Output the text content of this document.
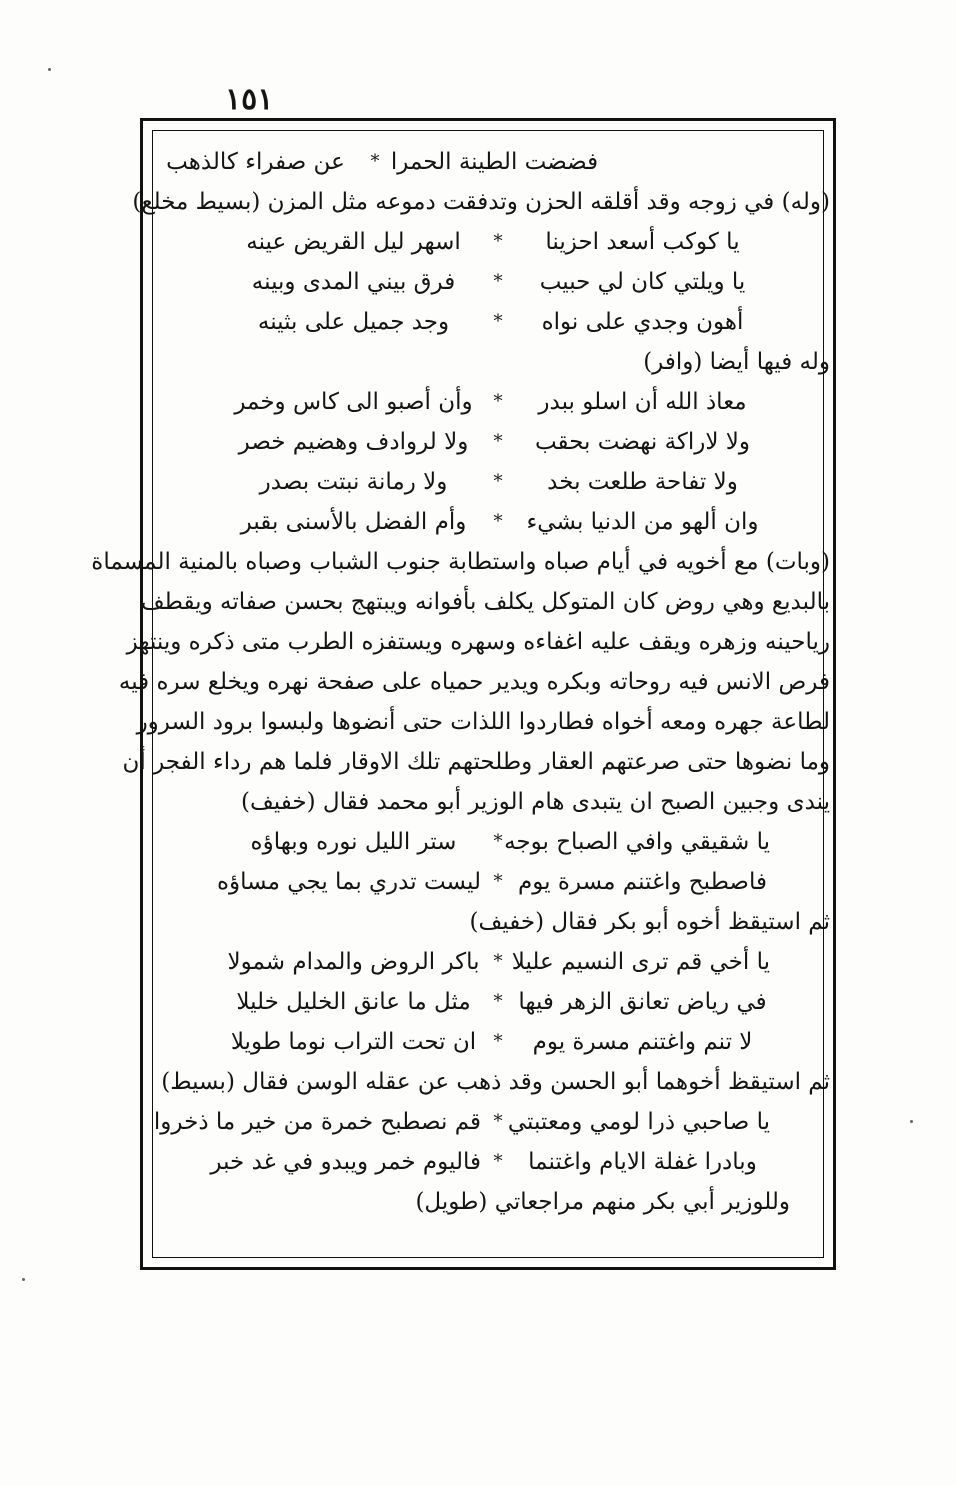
١٥١
فضضت الطينة الحمرا
*
عن صفراء كالذهب
(وله) في زوجه وقد أقلقه الحزن وتدفقت دموعه مثل المزن (بسيط مخلع)
يا كوكب أسعد احزينا
*
اسهر ليل القريض عينه
يا ويلتي كان لي حبيب
*
فرق بيني المدى وبينه
أهون وجدي على نواه
*
وجد جميل على بثينه
وله فيها أيضا (وافر)
معاذ الله أن اسلو ببدر
*
وأن أصبو الى كاس وخمر
ولا لاراكة نهضت بحقب
*
ولا لروادف وهضيم خصر
ولا تفاحة طلعت بخد
*
ولا رمانة نبتت بصدر
وان ألهو من الدنيا بشيء
*
وأم الفضل بالأسنى بقبر
(وبات) مع أخويه في أيام صباه واستطابة جنوب الشباب وصباه بالمنية المسماة
بالبديع وهي روض كان المتوكل يكلف بأفوانه ويبتهج بحسن صفاته ويقطف
رياحينه وزهره ويقف عليه اغفاءه وسهره ويستفزه الطرب متى ذكره وينتهز
فرص الانس فيه روحاته وبكره ويدير حمياه على صفحة نهره ويخلع سره فيه
لطاعة جهره ومعه أخواه فطاردوا اللذات حتى أنضوها ولبسوا برود السرور
وما نضوها حتى صرعتهم العقار وطلحتهم تلك الاوقار فلما هم رداء الفجر أن
يندى وجبين الصبح ان يتبدى هام الوزير أبو محمد فقال (خفيف)
يا شقيقي وافي الصباح بوجه
*
ستر الليل نوره وبهاؤه
فاصطبح واغتنم مسرة يوم
*
ليست تدري بما يجي مساؤه
ثم استيقظ أخوه أبو بكر فقال (خفيف)
يا أخي قم ترى النسيم عليلا
*
باكر الروض والمدام شمولا
في رياض تعانق الزهر فيها
*
مثل ما عانق الخليل خليلا
لا تنم واغتنم مسرة يوم
*
ان تحت التراب نوما طويلا
ثم استيقظ أخوهما أبو الحسن وقد ذهب عن عقله الوسن فقال (بسيط)
يا صاحبي ذرا لومي ومعتبتي
*
قم نصطبح خمرة من خير ما ذخروا
وبادرا غفلة الايام واغتنما
*
فاليوم خمر ويبدو في غد خبر
وللوزير أبي بكر منهم مراجعاتي (طويل)
